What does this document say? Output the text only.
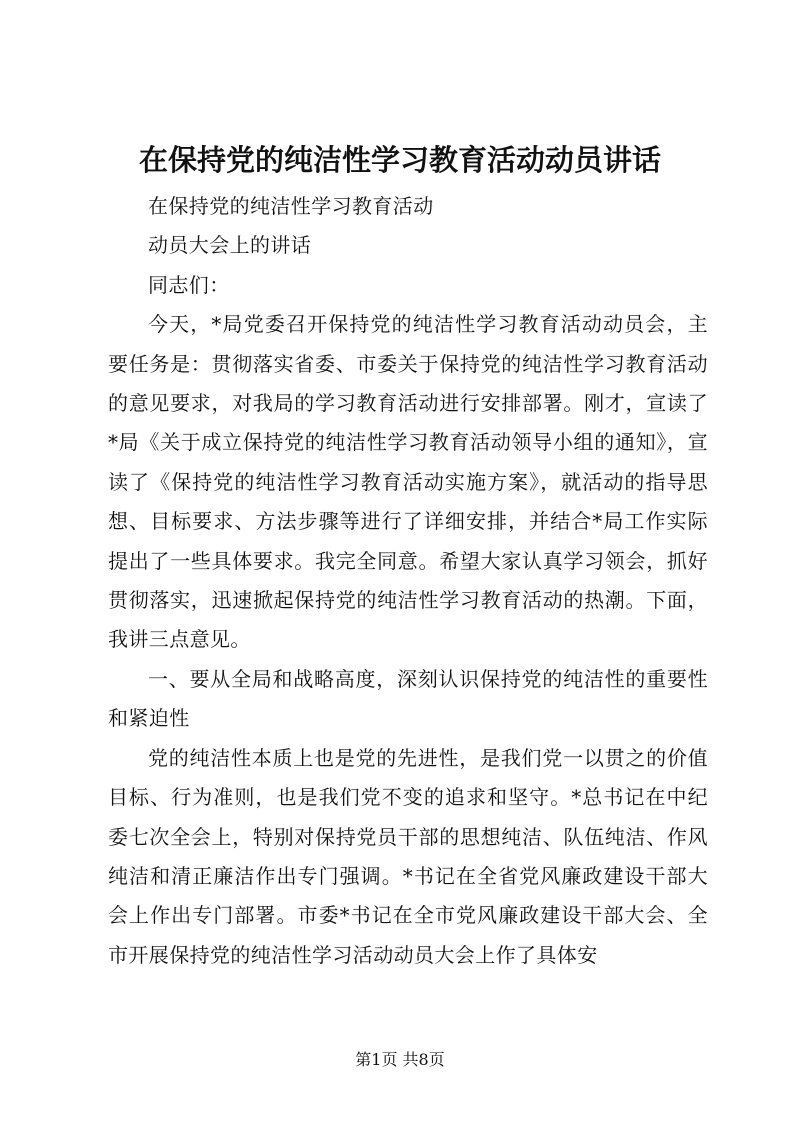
在保持党的纯洁性学习教育活动动员讲话

在保持党的纯洁性学习教育活动

动员大会上的讲话

同志们：

今天，*局党委召开保持党的纯洁性学习教育活动动员会，主要任务是：贯彻落实省委、市委关于保持党的纯洁性学习教育活动的意见要求，对我局的学习教育活动进行安排部署。刚才，宣读了*局《关于成立保持党的纯洁性学习教育活动领导小组的通知》，宣读了《保持党的纯洁性学习教育活动实施方案》，就活动的指导思想、目标要求、方法步骤等进行了详细安排，并结合*局工作实际提出了一些具体要求。我完全同意。希望大家认真学习领会，抓好贯彻落实，迅速掀起保持党的纯洁性学习教育活动的热潮。下面，我讲三点意见。

一、要从全局和战略高度，深刻认识保持党的纯洁性的重要性和紧迫性

党的纯洁性本质上也是党的先进性，是我们党一以贯之的价值目标、行为准则，也是我们党不变的追求和坚守。*总书记在中纪委七次全会上，特别对保持党员干部的思想纯洁、队伍纯洁、作风纯洁和清正廉洁作出专门强调。*书记在全省党风廉政建设干部大会上作出专门部署。市委*书记在全市党风廉政建设干部大会、全市开展保持党的纯洁性学习活动动员大会上作了具体安

第1页 共8页
